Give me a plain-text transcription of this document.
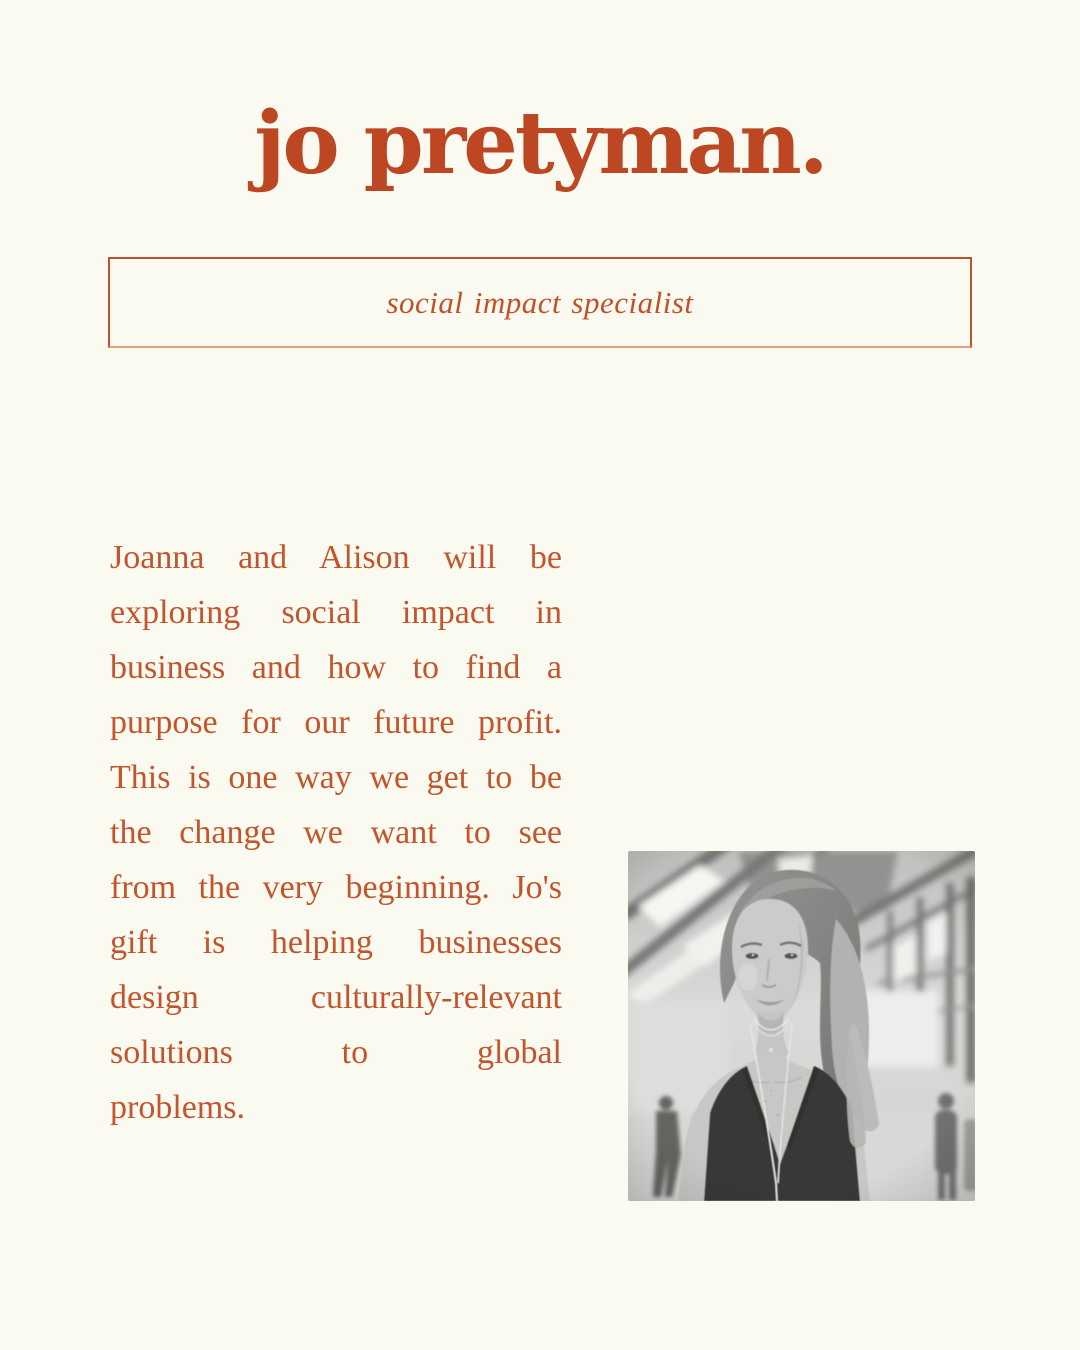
jo pretyman.
social impact specialist
Joanna and Alison will be
exploring social impact in
business and how to find a
purpose for our future profit.
This is one way we get to be
the change we want to see
from the very beginning. Jo's
gift is helping businesses
design culturally-relevant
solutions to global
problems.
